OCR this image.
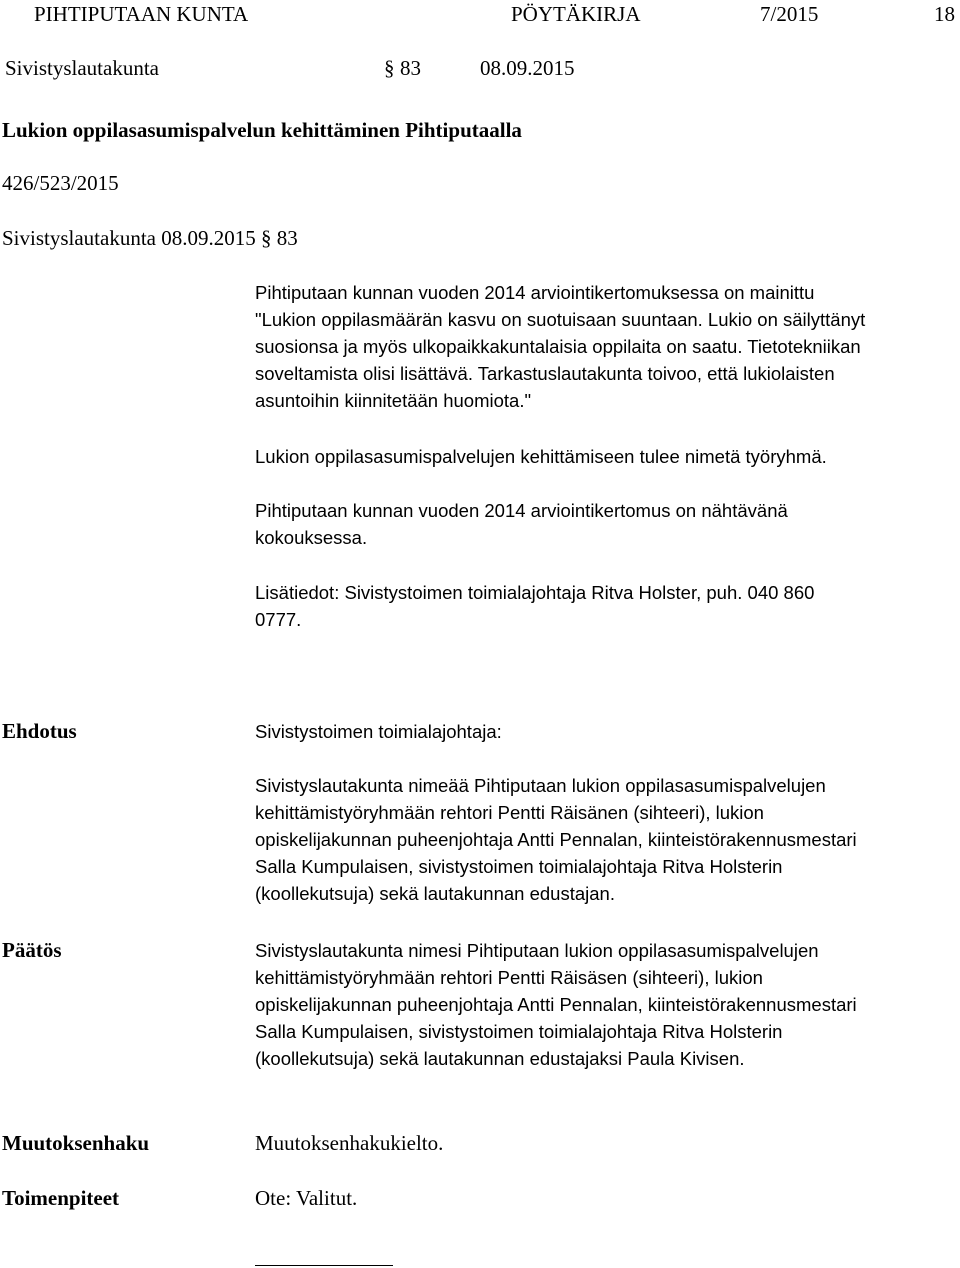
PIHTIPUTAAN KUNTA	PÖYTÄKIRJA	7/2015	18
Sivistyslautakunta	§ 83	08.09.2015
Lukion oppilasasumispalvelun kehittäminen Pihtiputaalla
426/523/2015
Sivistyslautakunta 08.09.2015 § 83
Pihtiputaan kunnan vuoden 2014 arviointikertomuksessa on mainittu
"Lukion oppilasmäärän kasvu on suotuisaan suuntaan. Lukio on säilyttänyt
suosionsa ja myös ulkopaikkakuntalaisia oppilaita on saatu. Tietotekniikan
soveltamista olisi lisättävä. Tarkastuslautakunta toivoo, että lukiolaisten
asuntoihin kiinnitetään huomiota."
Lukion oppilasasumispalvelujen kehittämiseen tulee nimetä työryhmä.
Pihtiputaan kunnan vuoden 2014 arviointikertomus on nähtävänä
kokouksessa.
Lisätiedot: Sivistystoimen toimialajohtaja Ritva Holster, puh. 040 860
0777.
Ehdotus	Sivistystoimen toimialajohtaja:
Sivistyslautakunta nimeää Pihtiputaan lukion oppilasasumispalvelujen
kehittämistyöryhmään rehtori Pentti Räisänen (sihteeri), lukion
opiskelijakunnan puheenjohtaja Antti Pennalan, kiinteistörakennusmestari
Salla Kumpulaisen, sivistystoimen toimialajohtaja Ritva Holsterin
(koollekutsuja) sekä lautakunnan edustajan.
Päätös	Sivistyslautakunta nimesi Pihtiputaan lukion oppilasasumispalvelujen
kehittämistyöryhmään rehtori Pentti Räisäsen (sihteeri), lukion
opiskelijakunnan puheenjohtaja Antti Pennalan, kiinteistörakennusmestari
Salla Kumpulaisen, sivistystoimen toimialajohtaja Ritva Holsterin
(koollekutsuja) sekä lautakunnan edustajaksi Paula Kivisen.
Muutoksenhaku	Muutoksenhakukielto.
Toimenpiteet	Ote: Valitut.
